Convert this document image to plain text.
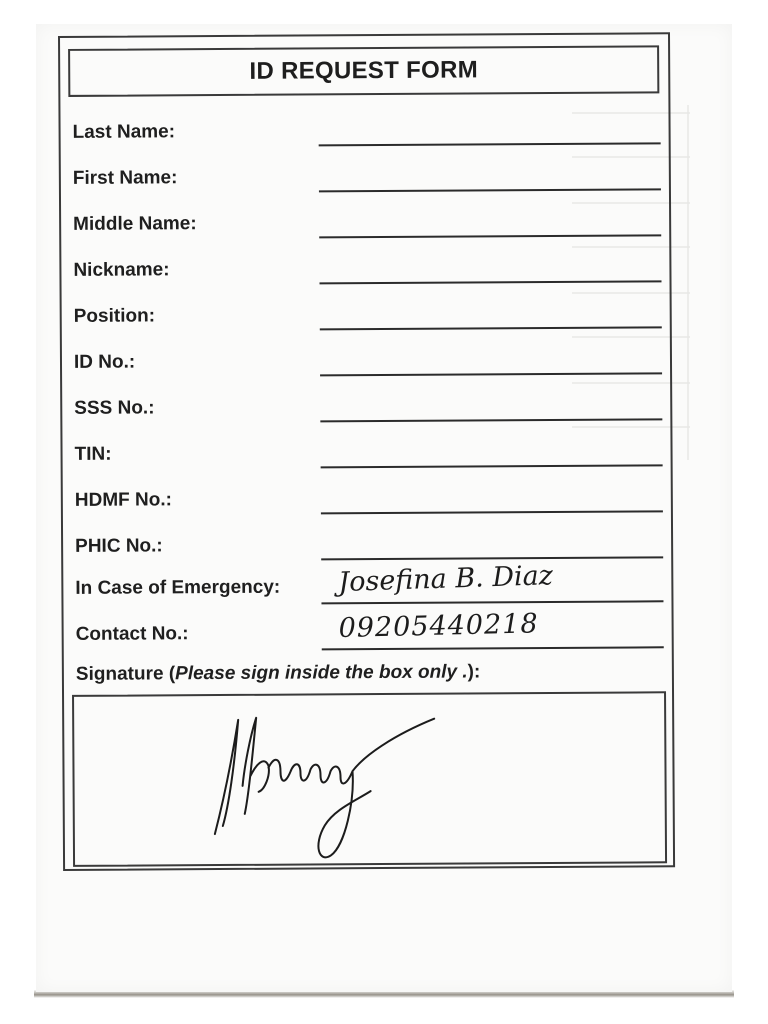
ID REQUEST FORM
Last Name:
First Name:
Middle Name:
Nickname:
Position:
ID No.:
SSS No.:
TIN:
HDMF No.:
PHIC No.:
In Case of Emergency: Josefina B. Diaz
Contact No.:	09205440218
Signature (Please sign inside the box only .):
